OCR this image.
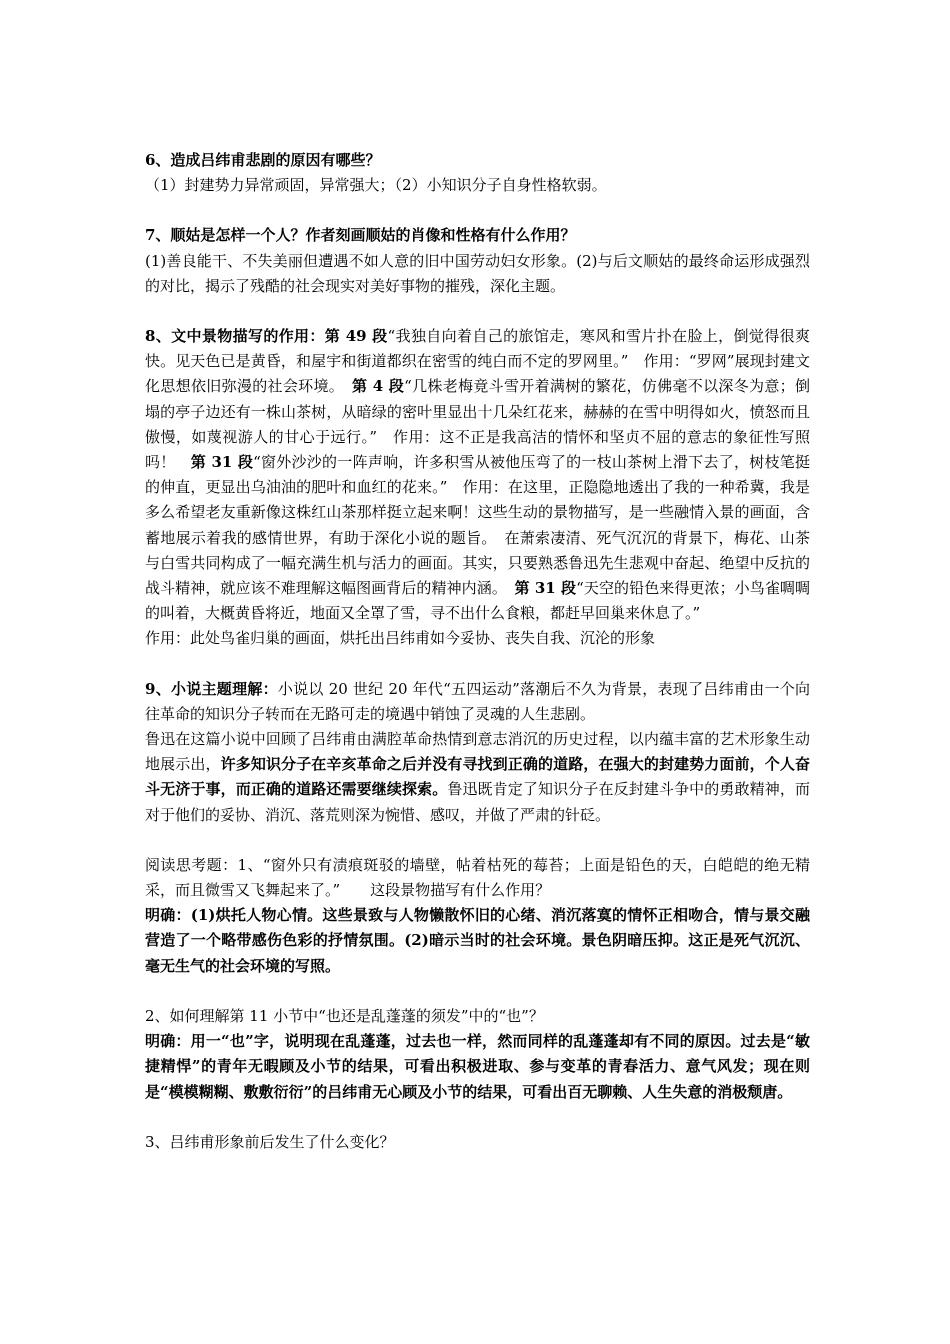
6、造成吕纬甫悲剧的原因有哪些？

（1）封建势力异常顽固，异常强大；（2）小知识分子自身性格软弱。

7、顺姑是怎样一个人？作者刻画顺姑的肖像和性格有什么作用？

(1)善良能干、不失美丽但遭遇不如人意的旧中国劳动妇女形象。(2)与后文顺姑的最终命运形成强烈的对比，揭示了残酷的社会现实对美好事物的摧残，深化主题。

8、文中景物描写的作用：第 49 段“我独自向着自己的旅馆走，寒风和雪片扑在脸上，倒觉得很爽快。见天色已是黄昏，和屋宇和街道都织在密雪的纯白而不定的罗网里。”　作用：“罗网”展现封建文化思想依旧弥漫的社会环境。　第 4 段“几株老梅竟斗雪开着满树的繁花，仿佛毫不以深冬为意；倒塌的亭子边还有一株山茶树，从暗绿的密叶里显出十几朵红花来，赫赫的在雪中明得如火，愤怒而且傲慢，如蔑视游人的甘心于远行。”　作用：这不正是我高洁的情怀和坚贞不屈的意志的象征性写照吗！　第 31 段“窗外沙沙的一阵声响，许多积雪从被他压弯了的一枝山茶树上滑下去了，树枝笔挺的伸直，更显出乌油油的肥叶和血红的花来。”　作用：在这里，正隐隐地透出了我的一种希冀，我是多么希望老友重新像这株红山茶那样挺立起来啊！这些生动的景物描写，是一些融情入景的画面，含蓄地展示着我的感情世界，有助于深化小说的题旨。　在萧索凄清、死气沉沉的背景下，梅花、山茶与白雪共同构成了一幅充满生机与活力的画面。其实，只要熟悉鲁迅先生悲观中奋起、绝望中反抗的战斗精神，就应该不难理解这幅图画背后的精神内涵。　第 31 段“天空的铅色来得更浓；小鸟雀啁啁的叫着，大概黄昏将近，地面又全罩了雪，寻不出什么食粮，都赶早回巢来休息了。”

作用：此处鸟雀归巢的画面，烘托出吕纬甫如今妥协、丧失自我、沉沦的形象

9、小说主题理解：小说以 20 世纪 20 年代“五四运动”落潮后不久为背景，表现了吕纬甫由一个向往革命的知识分子转而在无路可走的境遇中销蚀了灵魂的人生悲剧。

鲁迅在这篇小说中回顾了吕纬甫由满腔革命热情到意志消沉的历史过程，以内蕴丰富的艺术形象生动地展示出，许多知识分子在辛亥革命之后并没有寻找到正确的道路，在强大的封建势力面前，个人奋斗无济于事，而正确的道路还需要继续探索。鲁迅既肯定了知识分子在反封建斗争中的勇敢精神，而对于他们的妥协、消沉、落荒则深为惋惜、感叹，并做了严肃的针砭。

阅读思考题：1、“窗外只有渍痕斑驳的墙壁，帖着枯死的莓苔；上面是铅色的天，白皑皑的绝无精采，而且微雪又飞舞起来了。”　　这段景物描写有什么作用？

明确：(1)烘托人物心情。这些景致与人物懒散怀旧的心绪、消沉落寞的情怀正相吻合，情与景交融营造了一个略带感伤色彩的抒情氛围。(2)暗示当时的社会环境。景色阴暗压抑。这正是死气沉沉、毫无生气的社会环境的写照。

2、如何理解第 11 小节中“也还是乱蓬蓬的须发”中的“也”？

明确：用一“也”字，说明现在乱蓬蓬，过去也一样，然而同样的乱蓬蓬却有不同的原因。过去是“敏捷精悍”的青年无暇顾及小节的结果，可看出积极进取、参与变革的青春活力、意气风发；现在则是“模模糊糊、敷敷衍衍”的吕纬甫无心顾及小节的结果，可看出百无聊赖、人生失意的消极颓唐。

3、吕纬甫形象前后发生了什么变化？
